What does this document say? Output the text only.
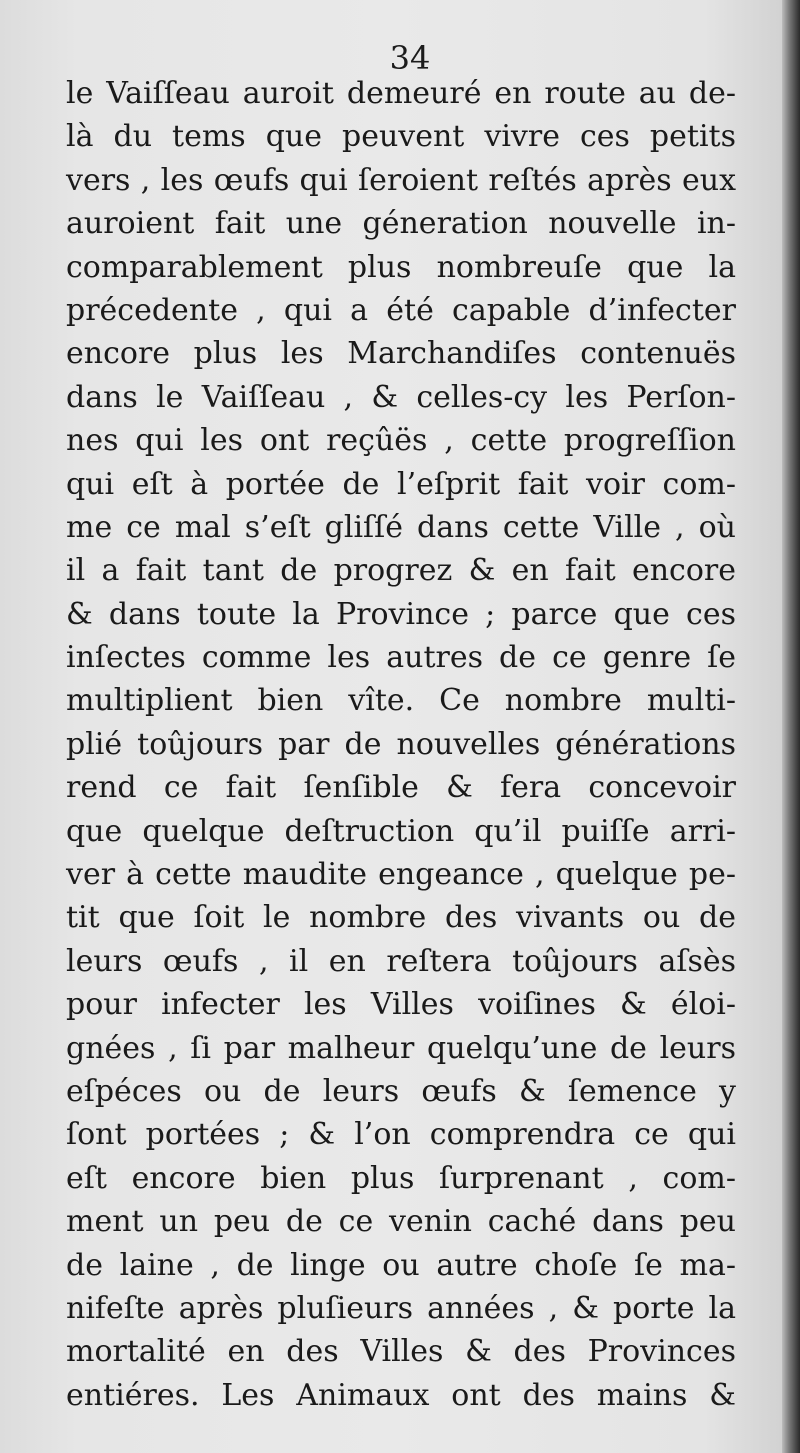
34
le Vaiſſeau auroit demeuré en route au de-
là du tems que peuvent vivre ces petits
vers , les œufs qui ſeroient reſtés après eux
auroient fait une géneration nouvelle in-
comparablement plus nombreuſe que la
précedente , qui a été capable d’infecter
encore plus les Marchandiſes contenuës
dans le Vaiſſeau , & celles-cy les Perſon-
nes qui les ont reçûës , cette progreſſion
qui eſt à portée de l’eſprit fait voir com-
me ce mal s’eſt gliſſé dans cette Ville , où
il a fait tant de progrez & en fait encore
& dans toute la Province ; parce que ces
inſectes comme les autres de ce genre ſe
multiplient bien vîte. Ce nombre multi-
plié toûjours par de nouvelles générations
rend ce fait ſenſible & fera concevoir
que quelque deſtruction qu’il puiſſe arri-
ver à cette maudite engeance , quelque pe-
tit que ſoit le nombre des vivants ou de
leurs œufs , il en reſtera toûjours aſsès
pour infecter les Villes voiſines & éloi-
gnées , ſi par malheur quelqu’une de leurs
eſpéces ou de leurs œufs & ſemence y
ſont portées ; & l’on comprendra ce qui
eſt encore bien plus ſurprenant , com-
ment un peu de ce venin caché dans peu
de laine , de linge ou autre choſe ſe ma-
nifeſte après pluſieurs années , & porte la
mortalité en des Villes & des Provinces
entiéres. Les Animaux ont des mains &
